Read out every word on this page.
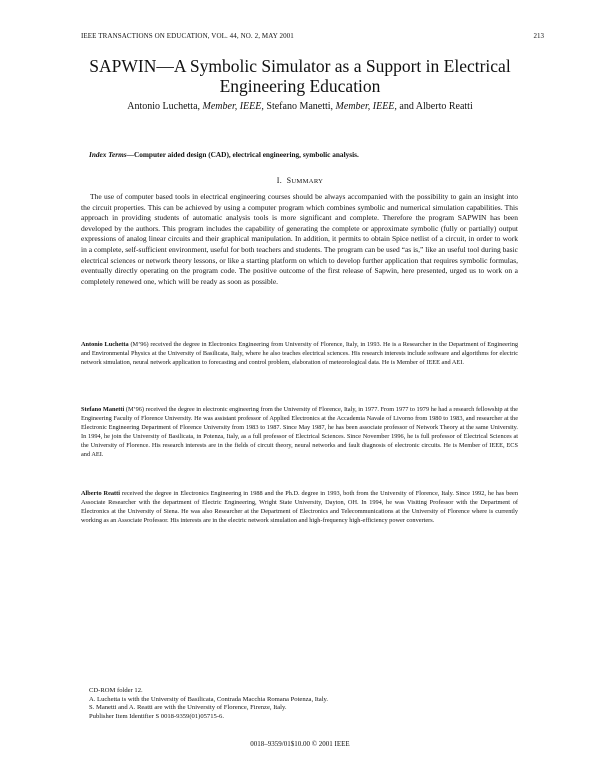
IEEE TRANSACTIONS ON EDUCATION, VOL. 44, NO. 2, MAY 2001	213
SAPWIN—A Symbolic Simulator as a Support in Electrical Engineering Education
Antonio Luchetta, Member, IEEE, Stefano Manetti, Member, IEEE, and Alberto Reatti
Index Terms—Computer aided design (CAD), electrical engineering, symbolic analysis.
I. SUMMARY
The use of computer based tools in electrical engineering courses should be always accompanied with the possibility to gain an insight into the circuit properties. This can be achieved by using a computer program which combines symbolic and numerical simulation capabilities. This approach in providing students of automatic analysis tools is more significant and complete. Therefore the program SAPWIN has been developed by the authors. This program includes the capability of generating the complete or approximate symbolic (fully or partially) output expressions of analog linear circuits and their graphical manipulation. In addition, it permits to obtain Spice netlist of a circuit, in order to work in a complete, self-sufficient environment, useful for both teachers and students. The program can be used “as is,” like an useful tool during basic electrical sciences or network theory lessons, or like a starting platform on which to develop further application that requires symbolic formulas, eventually directly operating on the program code. The positive outcome of the first release of Sapwin, here presented, urged us to work on a completely renewed one, which will be ready as soon as possible.
Antonio Luchetta (M’96) received the degree in Electronics Engineering from University of Florence, Italy, in 1993. He is a Researcher in the Department of Engineering and Environmental Physics at the University of Basilicata, Italy, where he also teaches electrical sciences. His research interests include software and algorithms for electric network simulation, neural network application to forecasting and control problem, elaboration of meteorological data. He is Member of IEEE and AEI.
Stefano Manetti (M’96) received the degree in electronic engineering from the University of Florence, Italy, in 1977. From 1977 to 1979 he had a research fellowship at the Engineering Faculty of Florence University. He was assistant professor of Applied Electronics at the Accademia Navale of Livorno from 1980 to 1983, and researcher at the Electronic Engineering Department of Florence University from 1983 to 1987. Since May 1987, he has been associate professor of Network Theory at the same University. In 1994, he join the University of Basilicata, in Potenza, Italy, as a full professor of Electrical Sciences. Since November 1996, he is full professor of Electrical Sciences at the University of Florence. His research interests are in the fields of circuit theory, neural networks and fault diagnosis of electronic circuits. He is Member of IEEE, ECS and AEI.
Alberto Reatti received the degree in Electronics Engineering in 1988 and the Ph.D. degree in 1993, both from the University of Florence, Italy. Since 1992, he has been Associate Researcher with the department of Electric Engineering, Wright State University, Dayton, OH. In 1994, he was Visiting Professor with the Department of Electronics at the University of Siena. He was also Researcher at the Department of Electronics and Telecommunications at the University of Florence where is currently working as an Associate Professor. His interests are in the electric network simulation and high-frequency high-efficiency power converters.
CD-ROM folder 12.
A. Luchetta is with the University of Basilicata, Contrada Macchia Romana Potenza, Italy.
S. Manetti and A. Reatti are with the University of Florence, Firenze, Italy.
Publisher Item Identifier S 0018-9359(01)05715-6.
0018–9359/01$10.00 © 2001 IEEE
